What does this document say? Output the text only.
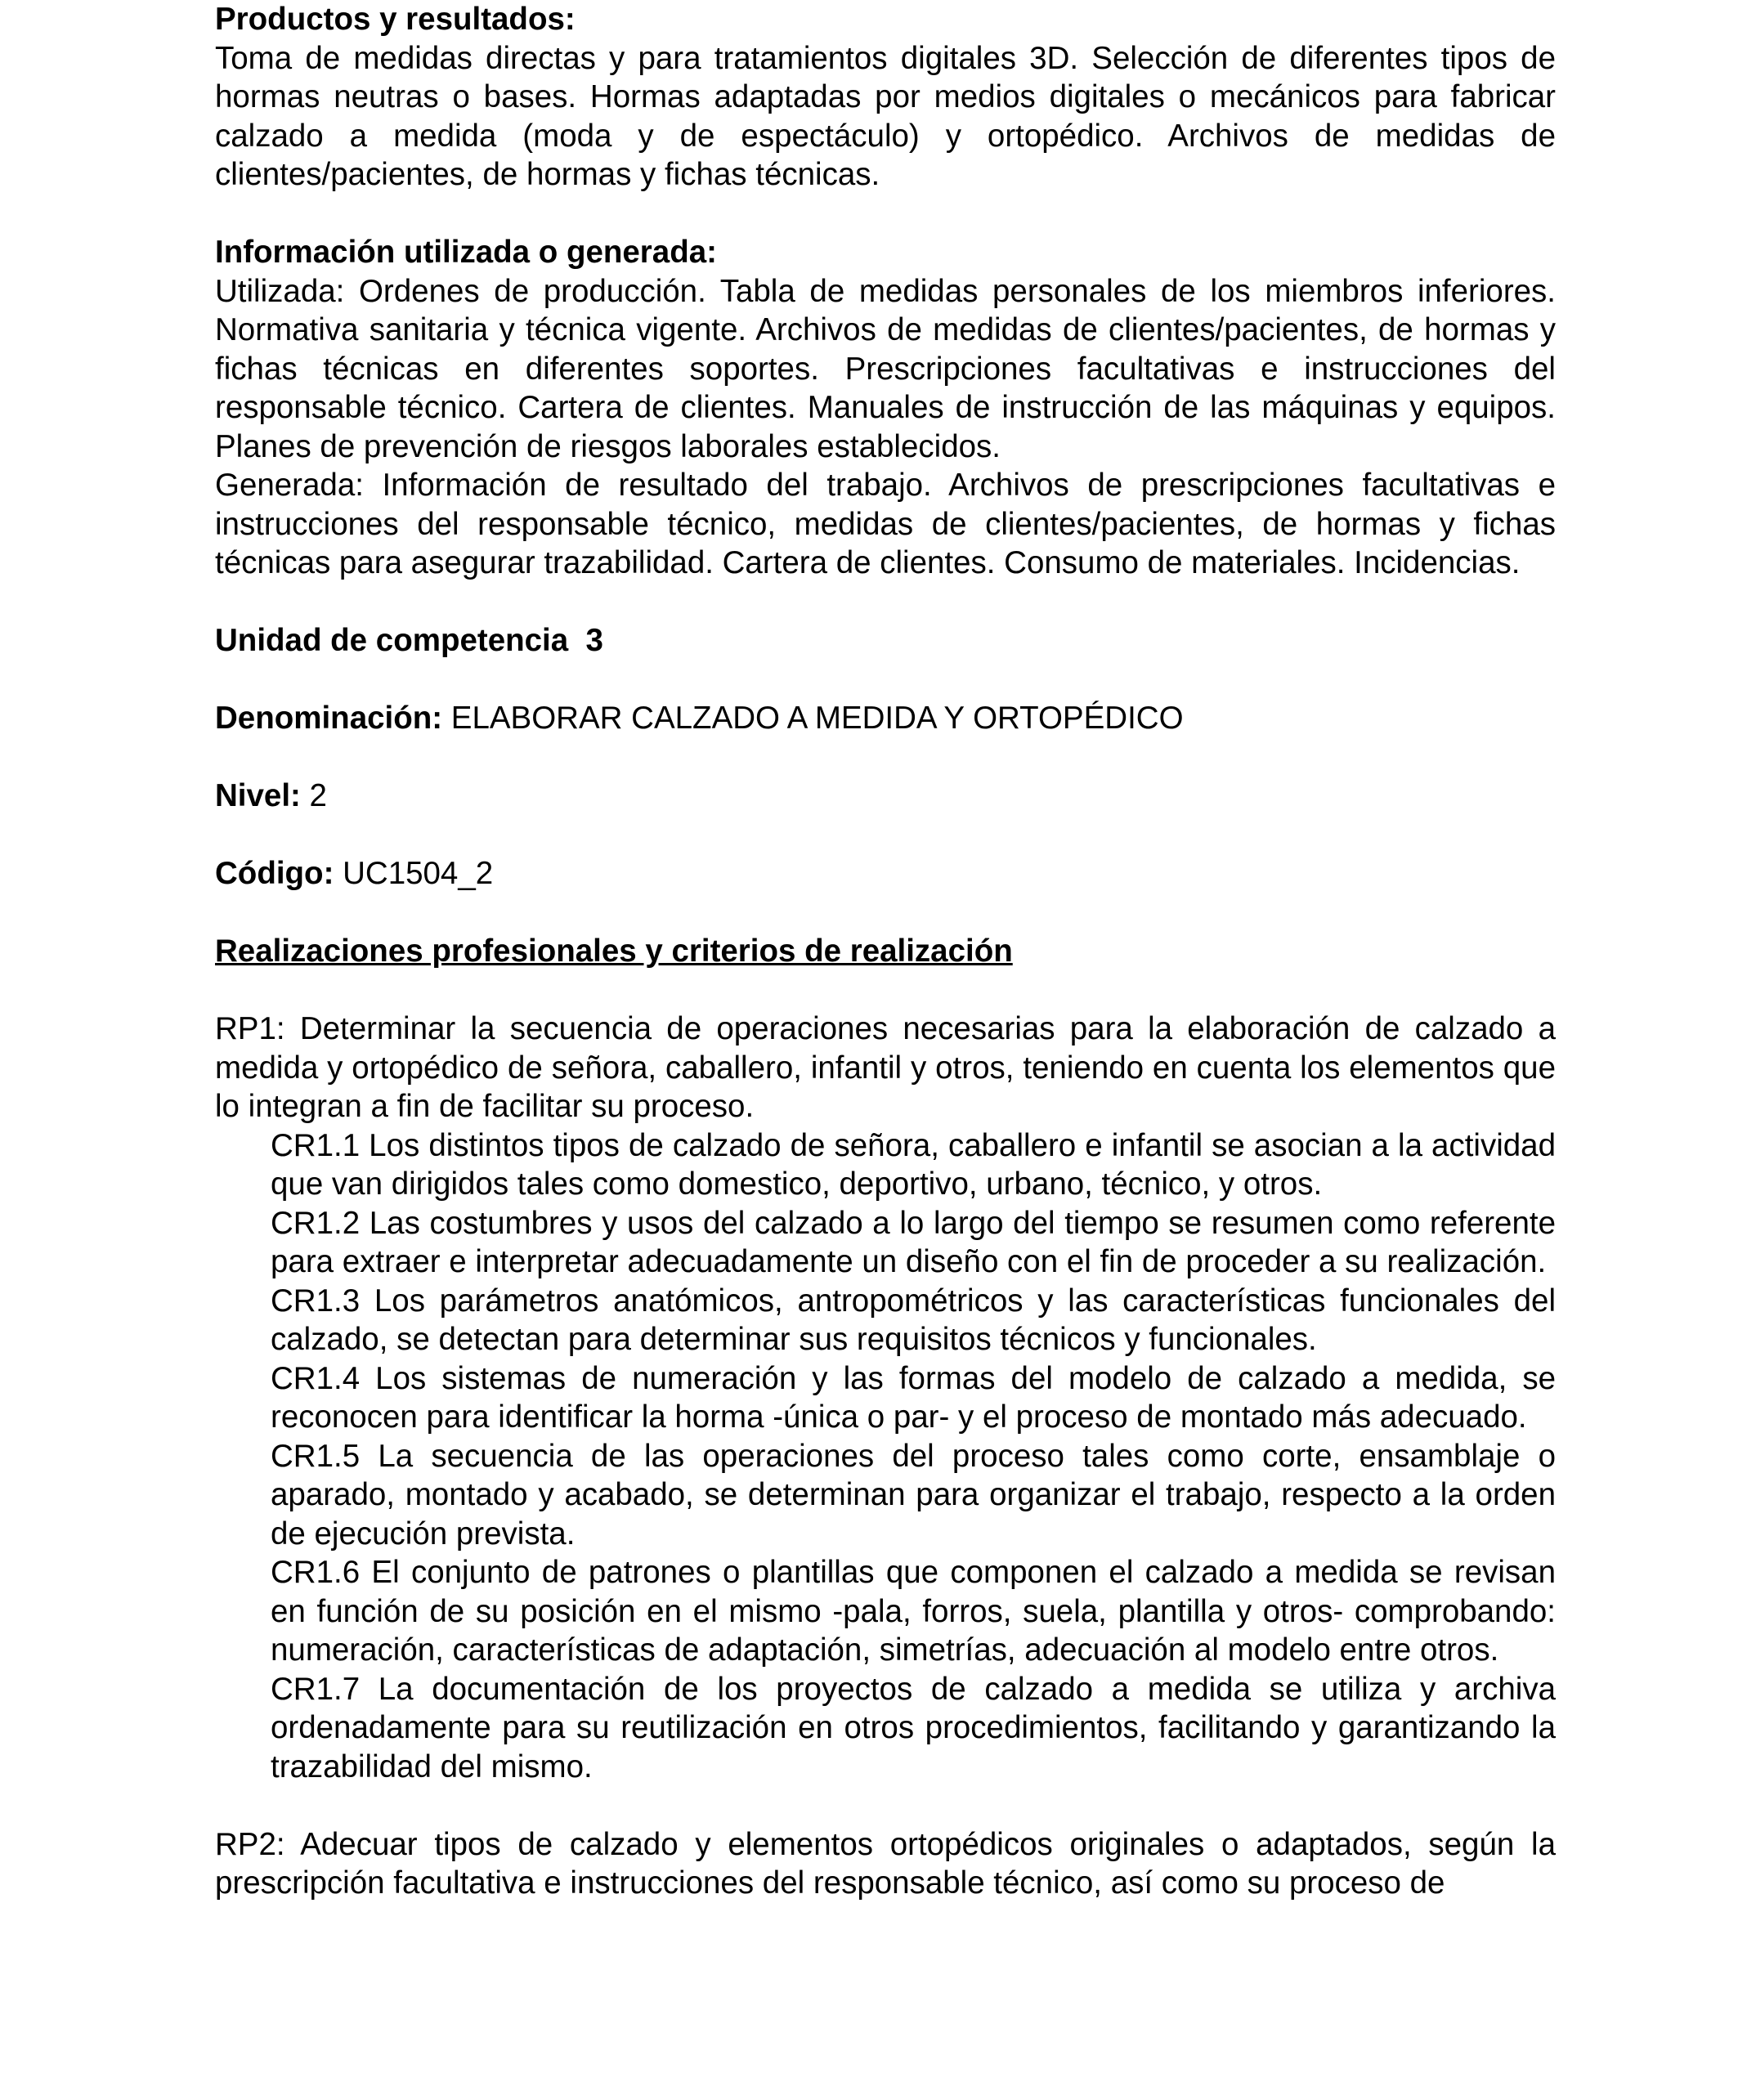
Productos y resultados:

Toma de medidas directas y para tratamientos digitales 3D. Selección de diferentes tipos de hormas neutras o bases. Hormas adaptadas por medios digitales o mecánicos para fabricar calzado a medida (moda y de espectáculo) y ortopédico. Archivos de medidas de clientes/pacientes, de hormas y fichas técnicas.

Información utilizada o generada:

Utilizada: Ordenes de producción. Tabla de medidas personales de los miembros inferiores. Normativa sanitaria y técnica vigente. Archivos de medidas de clientes/pacientes, de hormas y fichas técnicas en diferentes soportes. Prescripciones facultativas e instrucciones del responsable técnico. Cartera de clientes. Manuales de instrucción de las máquinas y equipos. Planes de prevención de riesgos laborales establecidos.

Generada: Información de resultado del trabajo. Archivos de prescripciones facultativas e instrucciones del responsable técnico, medidas de clientes/pacientes, de hormas y fichas técnicas para asegurar trazabilidad. Cartera de clientes. Consumo de materiales. Incidencias.

Unidad de competencia  3

Denominación: ELABORAR CALZADO A MEDIDA Y ORTOPÉDICO

Nivel: 2

Código: UC1504_2

Realizaciones profesionales y criterios de realización

RP1: Determinar la secuencia de operaciones necesarias para la elaboración de calzado a medida y ortopédico de señora, caballero, infantil y otros, teniendo en cuenta los elementos que lo integran a fin de facilitar su proceso.

CR1.1 Los distintos tipos de calzado de señora, caballero e infantil se asocian a la actividad que van dirigidos tales como domestico, deportivo, urbano, técnico, y otros.

CR1.2 Las costumbres y usos del calzado a lo largo del tiempo se resumen como referente para extraer e interpretar adecuadamente un diseño con el fin de proceder a su realización.

CR1.3 Los parámetros anatómicos, antropométricos y las características funcionales del calzado, se detectan para determinar sus requisitos técnicos y funcionales.

CR1.4 Los sistemas de numeración y las formas del modelo de calzado a medida, se reconocen para identificar la horma -única o par- y el proceso de montado más adecuado.

CR1.5 La secuencia de las operaciones del proceso tales como corte, ensamblaje o aparado, montado y acabado, se determinan para organizar el trabajo, respecto a la orden de ejecución prevista.

CR1.6 El conjunto de patrones o plantillas que componen el calzado a medida se revisan en función de su posición en el mismo -pala, forros, suela, plantilla y otros- comprobando: numeración, características de adaptación, simetrías, adecuación al modelo entre otros.

CR1.7 La documentación de los proyectos de calzado a medida se utiliza y archiva ordenadamente para su reutilización en otros procedimientos, facilitando y garantizando la trazabilidad del mismo.

RP2: Adecuar tipos de calzado y elementos ortopédicos originales o adaptados, según la prescripción facultativa e instrucciones del responsable técnico, así como su proceso de
